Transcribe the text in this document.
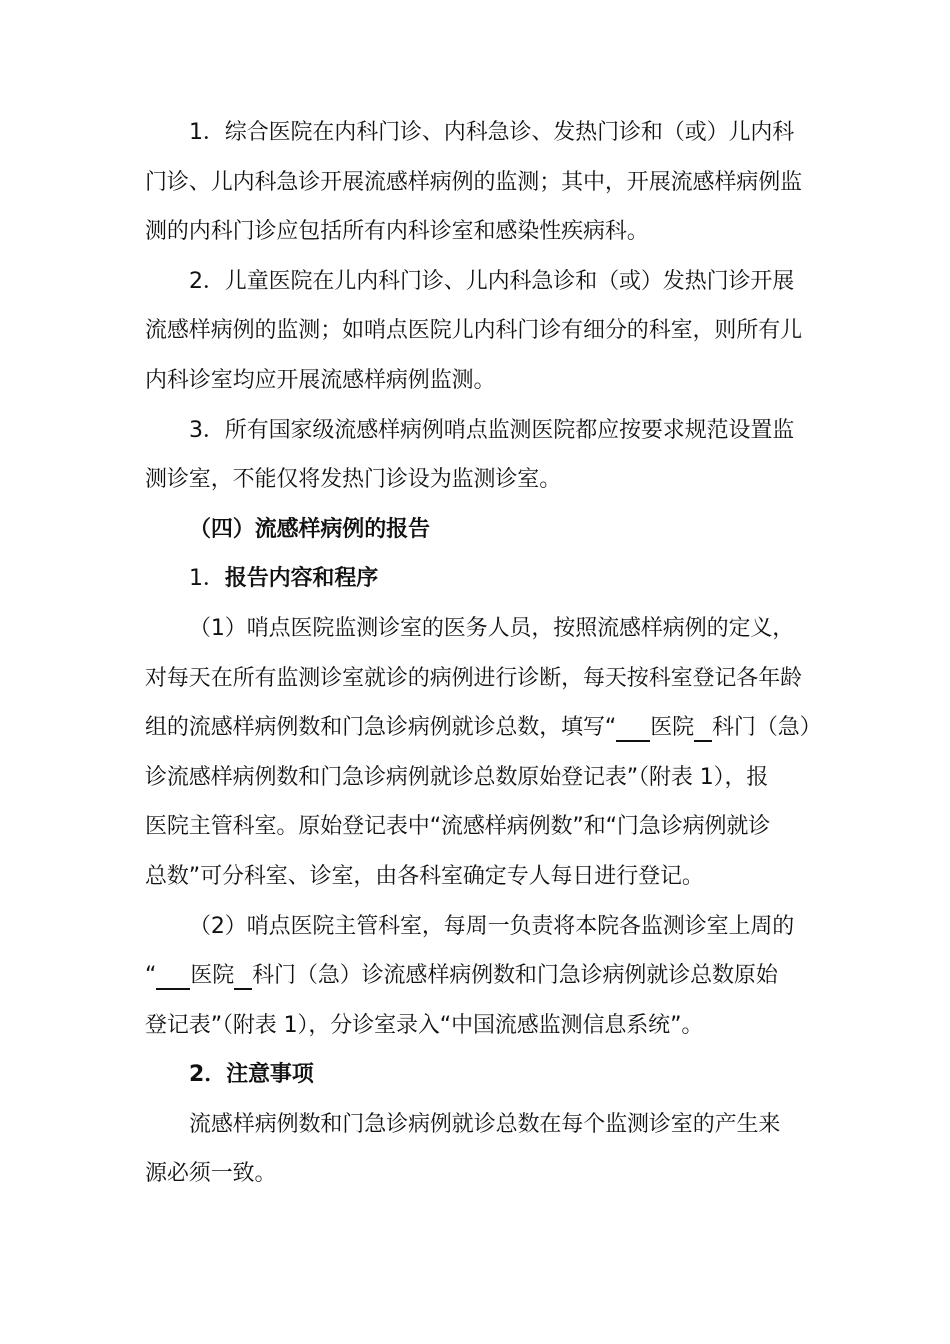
1．综合医院在内科门诊、内科急诊、发热门诊和（或）儿内科
门诊、儿内科急诊开展流感样病例的监测；其中，开展流感样病例监
测的内科门诊应包括所有内科诊室和感染性疾病科。
2．儿童医院在儿内科门诊、儿内科急诊和（或）发热门诊开展
流感样病例的监测；如哨点医院儿内科门诊有细分的科室，则所有儿
内科诊室均应开展流感样病例监测。
3．所有国家级流感样病例哨点监测医院都应按要求规范设置监
测诊室，不能仅将发热门诊设为监测诊室。
（四）流感样病例的报告
1．报告内容和程序
（1）哨点医院监测诊室的医务人员，按照流感样病例的定义，
对每天在所有监测诊室就诊的病例进行诊断，每天按科室登记各年龄
组的流感样病例数和门急诊病例就诊总数，填写“ 医院 科门（急）
诊流感样病例数和门急诊病例就诊总数原始登记表”（附表 1），报
医院主管科室。原始登记表中“流感样病例数”和“门急诊病例就诊
总数”可分科室、诊室，由各科室确定专人每日进行登记。
（2）哨点医院主管科室，每周一负责将本院各监测诊室上周的
“ 医院 科门（急）诊流感样病例数和门急诊病例就诊总数原始
登记表”（附表 1），分诊室录入“中国流感监测信息系统”。
2．注意事项
流感样病例数和门急诊病例就诊总数在每个监测诊室的产生来
源必须一致。
